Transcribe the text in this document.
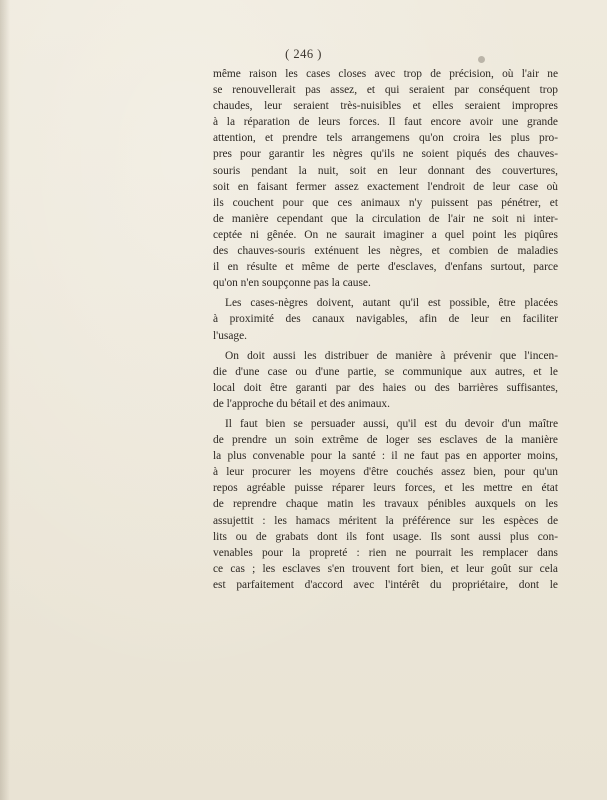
( 246 )
même raison les cases closes avec trop de précision, où l'air ne
se renouvellerait pas assez, et qui seraient par conséquent trop
chaudes, leur seraient très-nuisibles et elles seraient impropres
à la réparation de leurs forces. Il faut encore avoir une grande
attention, et prendre tels arrangemens qu'on croira les plus pro-
pres pour garantir les nègres qu'ils ne soient piqués des chauves-
souris pendant la nuit, soit en leur donnant des couvertures,
soit en faisant fermer assez exactement l'endroit de leur case où
ils couchent pour que ces animaux n'y puissent pas pénétrer, et
de manière cependant que la circulation de l'air ne soit ni inter-
ceptée ni gênée. On ne saurait imaginer a quel point les piqûres
des chauves-souris exténuent les nègres, et combien de maladies
il en résulte et même de perte d'esclaves, d'enfans surtout, parce
qu'on n'en soupçonne pas la cause.
Les cases-nègres doivent, autant qu'il est possible, être placées
à proximité des canaux navigables, afin de leur en faciliter
l'usage.
On doit aussi les distribuer de manière à prévenir que l'incen-
die d'une case ou d'une partie, se communique aux autres, et le
local doit être garanti par des haies ou des barrières suffisantes,
de l'approche du bétail et des animaux.
Il faut bien se persuader aussi, qu'il est du devoir d'un maître
de prendre un soin extrême de loger ses esclaves de la manière
la plus convenable pour la santé : il ne faut pas en apporter moins,
à leur procurer les moyens d'être couchés assez bien, pour qu'un
repos agréable puisse réparer leurs forces, et les mettre en état
de reprendre chaque matin les travaux pénibles auxquels on les
assujettit : les hamacs méritent la préférence sur les espèces de
lits ou de grabats dont ils font usage. Ils sont aussi plus con-
venables pour la propreté : rien ne pourrait les remplacer dans
ce cas ; les esclaves s'en trouvent fort bien, et leur goût sur cela
est parfaitement d'accord avec l'intérêt du propriétaire, dont le
